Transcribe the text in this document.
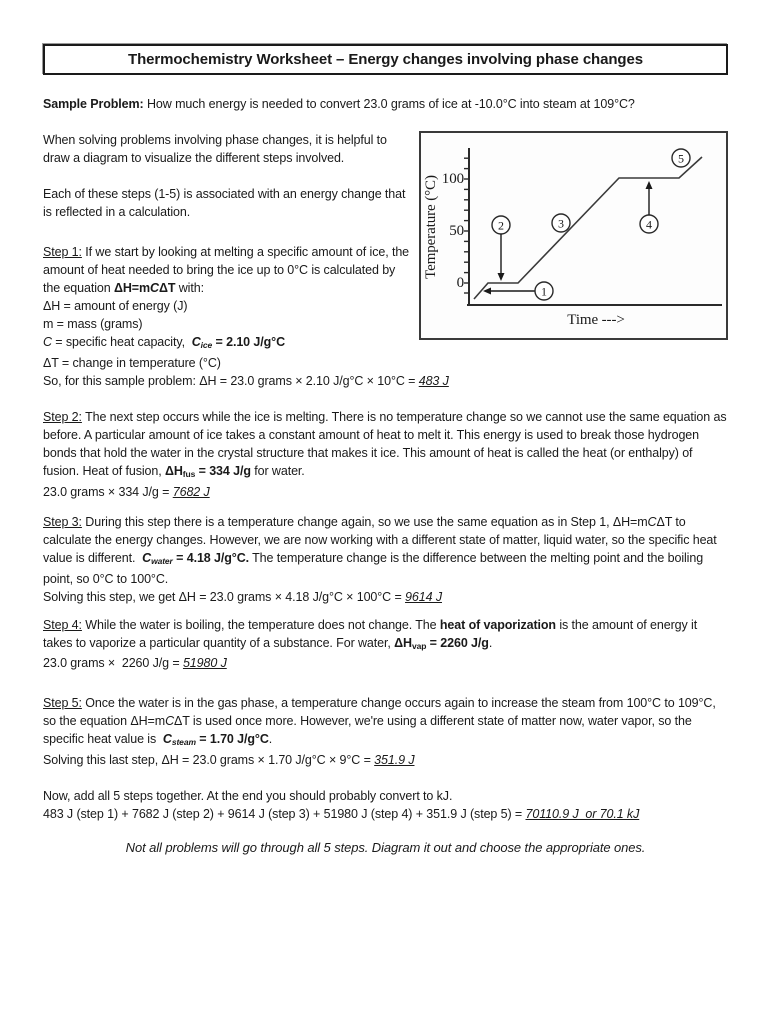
Thermochemistry Worksheet – Energy changes involving phase changes

Sample Problem: How much energy is needed to convert 23.0 grams of ice at -10.0°C into steam at 109°C?

100
50
0
Temperature (°C)
Time --->
1
2	3	4
5

When solving problems involving phase changes, it is helpful to draw a diagram to visualize the different steps involved.

Each of these steps (1-5) is associated with an energy change that is reflected in a calculation.

Step 1: If we start by looking at melting a specific amount of ice, the amount of heat needed to bring the ice up to 0°C is calculated by the equation ΔH=mCΔT with:

ΔH = amount of energy (J)

m = mass (grams)

C = specific heat capacity,  Cice = 2.10 J/g°C

ΔT = change in temperature (°C)

So, for this sample problem: ΔH = 23.0 grams × 2.10 J/g°C × 10°C = 483 J

Step 2: The next step occurs while the ice is melting. There is no temperature change so we cannot use the same equation as before. A particular amount of ice takes a constant amount of heat to melt it. This energy is used to break those hydrogen bonds that hold the water in the crystal structure that makes it ice. This amount of heat is called the heat (or enthalpy) of fusion. Heat of fusion, ΔHfus = 334 J/g for water.

23.0 grams × 334 J/g = 7682 J

Step 3: During this step there is a temperature change again, so we use the same equation as in Step 1, ΔH=mCΔT to calculate the energy changes. However, we are now working with a different state of matter, liquid water, so the specific heat value is different.  Cwater = 4.18 J/g°C. The temperature change is the difference between the melting point and the boiling point, so 0°C to 100°C.

Solving this step, we get ΔH = 23.0 grams × 4.18 J/g°C × 100°C = 9614 J

Step 4: While the water is boiling, the temperature does not change. The heat of vaporization is the amount of energy it takes to vaporize a particular quantity of a substance. For water, ΔHvap = 2260 J/g.

23.0 grams ×  2260 J/g = 51980 J

Step 5: Once the water is in the gas phase, a temperature change occurs again to increase the steam from 100°C to 109°C, so the equation ΔH=mCΔT is used once more. However, we're using a different state of matter now, water vapor, so the specific heat value is  Csteam = 1.70 J/g°C.

Solving this last step, ΔH = 23.0 grams × 1.70 J/g°C × 9°C = 351.9 J

Now, add all 5 steps together. At the end you should probably convert to kJ.

483 J (step 1) + 7682 J (step 2) + 9614 J (step 3) + 51980 J (step 4) + 351.9 J (step 5) = 70110.9 J  or 70.1 kJ

Not all problems will go through all 5 steps. Diagram it out and choose the appropriate ones.
